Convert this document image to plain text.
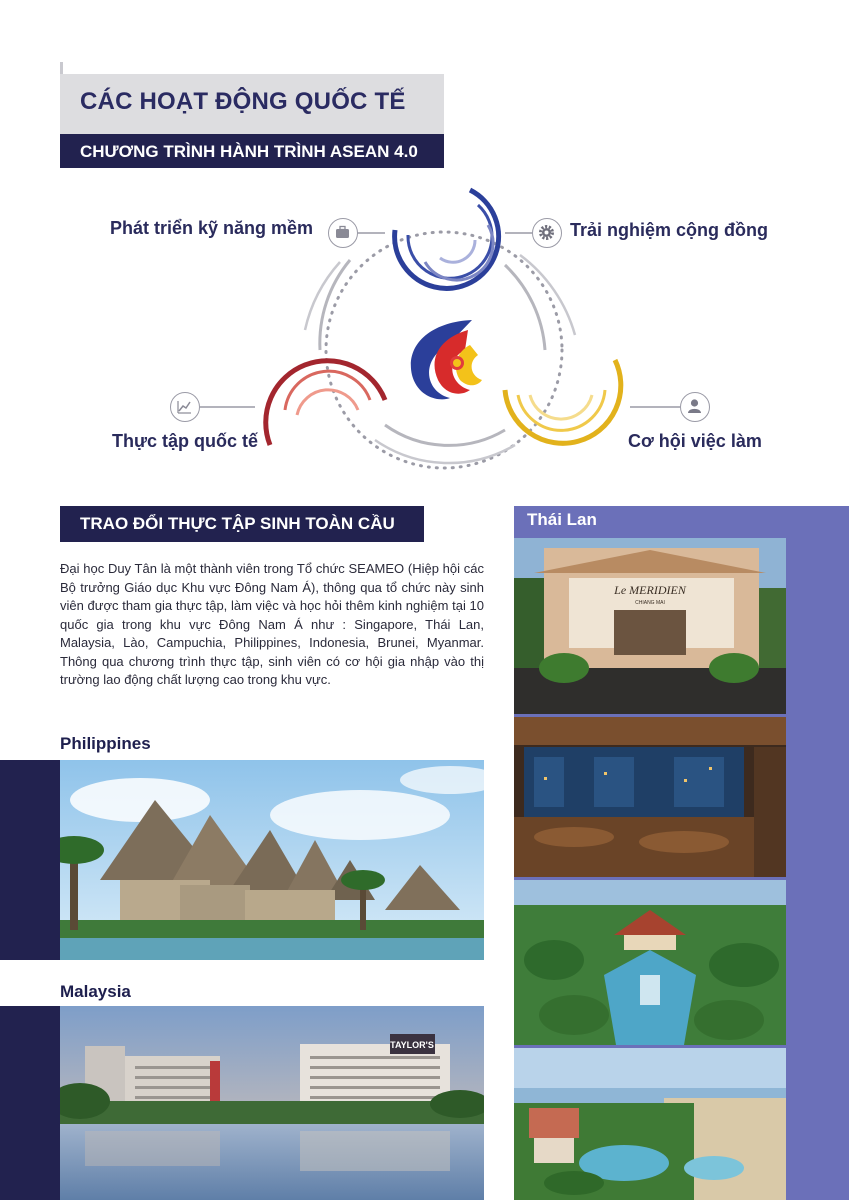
CÁC HOẠT ĐỘNG QUỐC TẾ
CHƯƠNG TRÌNH HÀNH TRÌNH ASEAN 4.0
Phát triển kỹ năng mềm	Trải nghiệm cộng đồng
Thực tập quốc tế	Cơ hội việc làm
TRAO ĐỔI THỰC TẬP SINH TOÀN CẦU
Đại học Duy Tân là một thành viên trong Tổ chức SEAMEO (Hiệp hội các Bộ trưởng Giáo dục Khu vực Đông Nam Á), thông qua tổ chức này sinh viên được tham gia thực tập, làm việc và học hỏi thêm kinh nghiệm tại 10 quốc gia trong khu vực Đông Nam Á như : Singapore, Thái Lan, Malaysia, Lào, Campuchia, Philippines, Indonesia, Brunei, Myanmar. Thông qua chương trình thực tập, sinh viên có cơ hội gia nhập vào thị trường lao động chất lượng cao trong khu vực.
Philippines
Malaysia
TAYLOR'S
Thái Lan
Le MERIDIEN
CHIANG MAI
